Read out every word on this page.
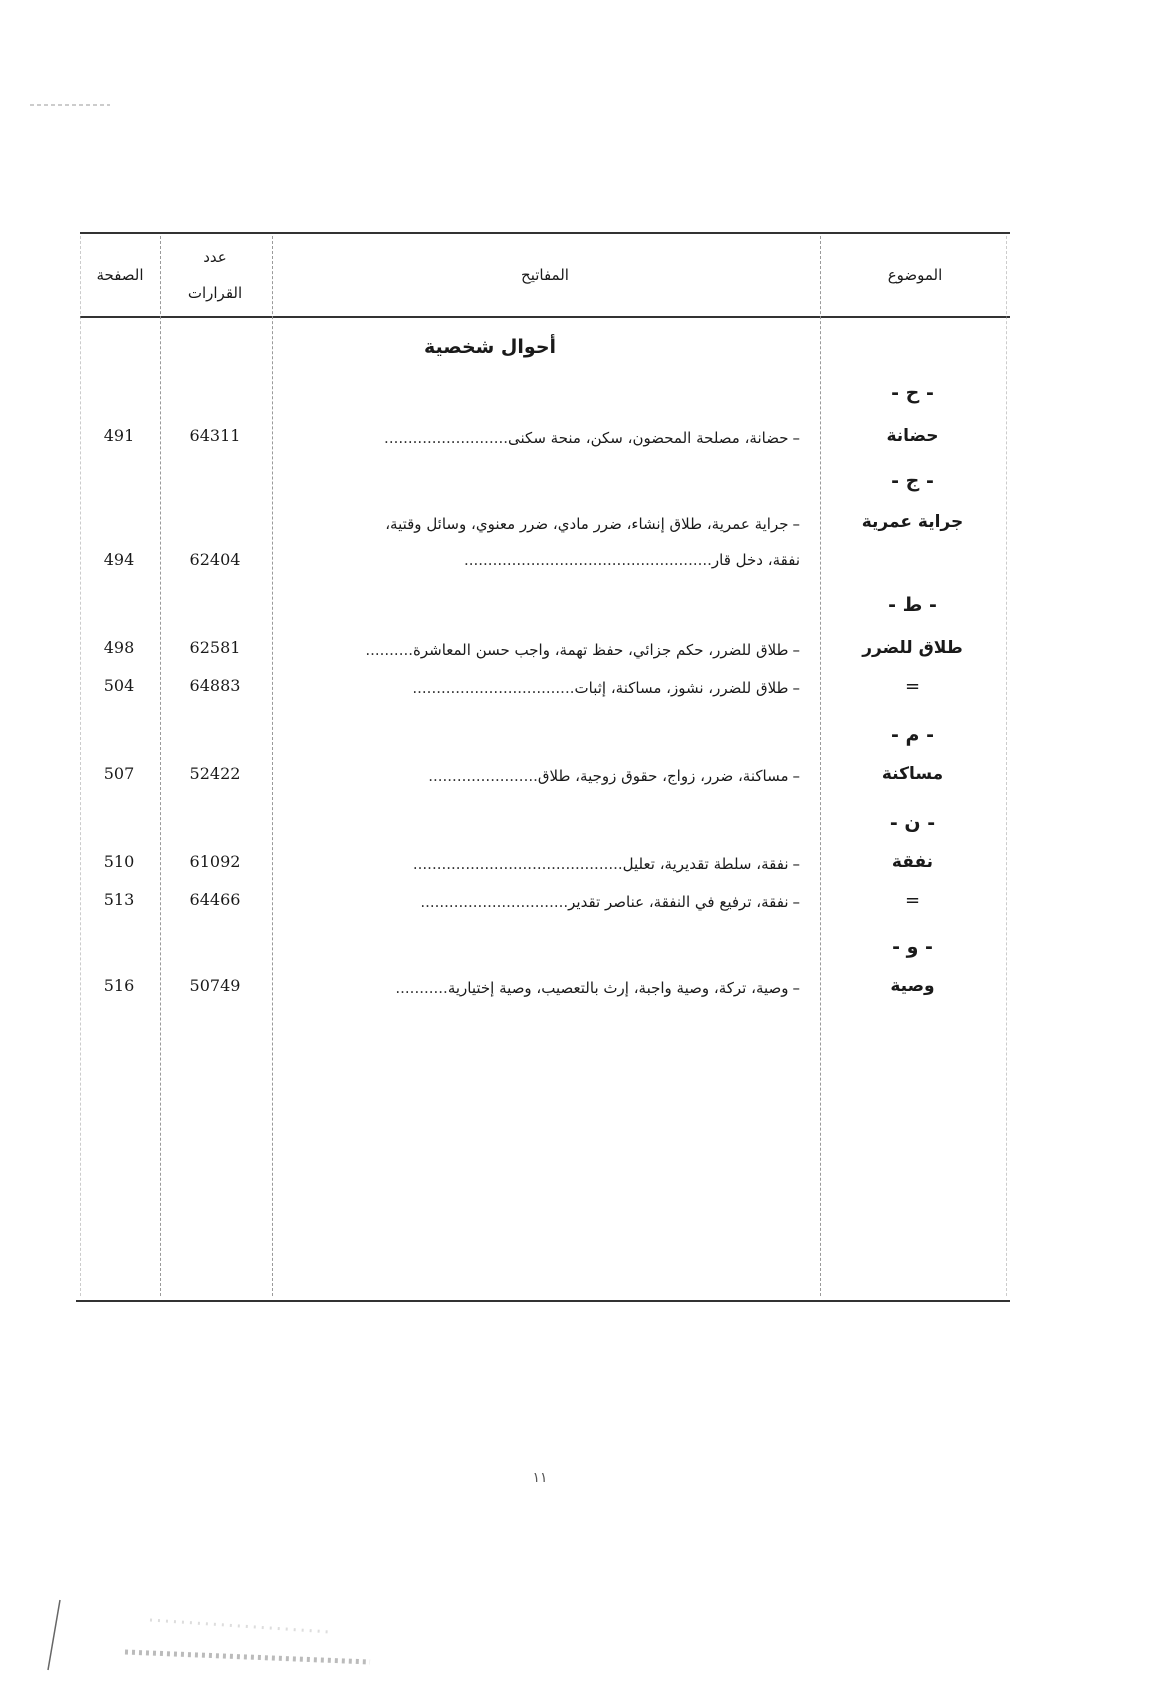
الموضوع
المفاتيح
عدد
القرارات
الصفحة
أحوال شخصية
- ح -
حضانة
–حضانة، مصلحة المحضون، سكن، منحة سكنى..........................
64311
491
- ج -
جراية عمرية
–جراية عمرية، طلاق إنشاء، ضرر مادي، ضرر معنوي، وسائل وقتية،
نفقة، دخل قار....................................................
62404
494
- ط -
طلاق للضرر
–طلاق للضرر، حكم جزائي، حفظ تهمة، واجب حسن المعاشرة..........
62581
498
=
–طلاق للضرر، نشوز، مساكنة، إثبات..................................
64883
504
- م -
مساكنة
–مساكنة، ضرر، زواج، حقوق زوجية، طلاق.......................
52422
507
- ن -
نفقة
–نفقة، سلطة تقديرية، تعليل............................................
61092
510
=
–نفقة، ترفيع في النفقة، عناصر تقدير...............................
64466
513
- و -
وصية
–وصية، تركة، وصية واجبة، إرث بالتعصيب، وصية إختيارية...........
50749
516
١١
